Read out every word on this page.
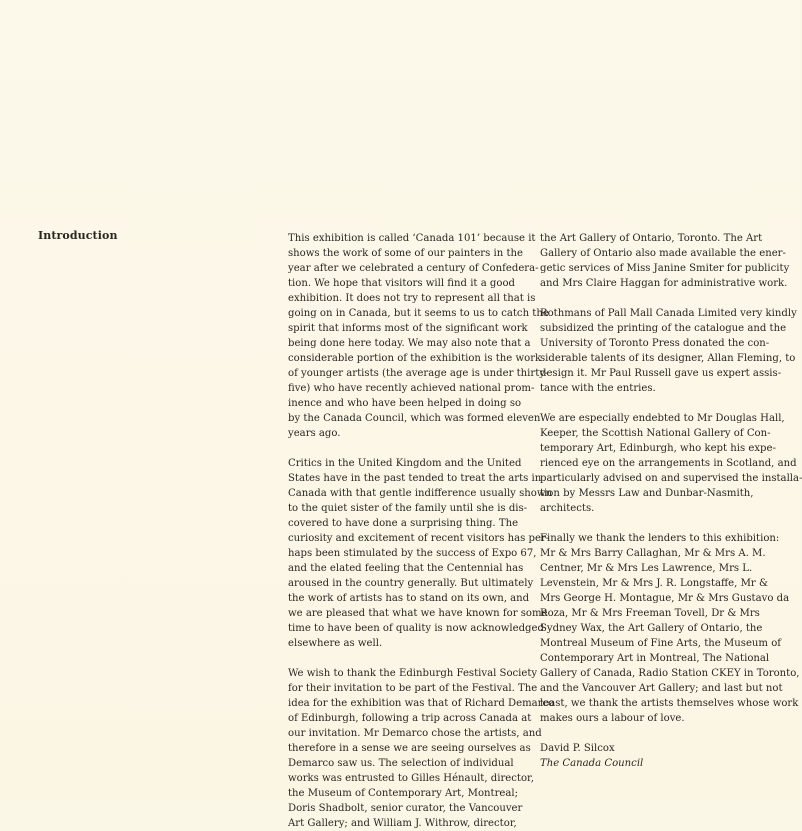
Introduction	This exhibition is called ‘Canada 101’ because it
shows the work of some of our painters in the
year after we celebrated a century of Confedera-
tion. We hope that visitors will find it a good
exhibition. It does not try to represent all that is
going on in Canada, but it seems to us to catch the
spirit that informs most of the significant work
being done here today. We may also note that a
considerable portion of the exhibition is the work
of younger artists (the average age is under thirty-
five) who have recently achieved national prom-
inence and who have been helped in doing so
by the Canada Council, which was formed eleven
years ago.
Critics in the United Kingdom and the United
States have in the past tended to treat the arts in
Canada with that gentle indifference usually shown
to the quiet sister of the family until she is dis-
covered to have done a surprising thing. The
curiosity and excitement of recent visitors has per-
haps been stimulated by the success of Expo 67,
and the elated feeling that the Centennial has
aroused in the country generally. But ultimately
the work of artists has to stand on its own, and
we are pleased that what we have known for some
time to have been of quality is now acknowledged
elsewhere as well.
We wish to thank the Edinburgh Festival Society
for their invitation to be part of the Festival. The
idea for the exhibition was that of Richard Demarco
of Edinburgh, following a trip across Canada at
our invitation. Mr Demarco chose the artists, and
therefore in a sense we are seeing ourselves as
Demarco saw us. The selection of individual
works was entrusted to Gilles Hénault, director,
the Museum of Contemporary Art, Montreal;
Doris Shadbolt, senior curator, the Vancouver
Art Gallery; and William J. Withrow, director,
the Art Gallery of Ontario, Toronto. The Art
Gallery of Ontario also made available the ener-
getic services of Miss Janine Smiter for publicity
and Mrs Claire Haggan for administrative work.
Rothmans of Pall Mall Canada Limited very kindly
subsidized the printing of the catalogue and the
University of Toronto Press donated the con-
siderable talents of its designer, Allan Fleming, to
design it. Mr Paul Russell gave us expert assis-
tance with the entries.
We are especially endebted to Mr Douglas Hall,
Keeper, the Scottish National Gallery of Con-
temporary Art, Edinburgh, who kept his expe-
rienced eye on the arrangements in Scotland, and
particularly advised on and supervised the installa-
tion by Messrs Law and Dunbar-Nasmith,
architects.
Finally we thank the lenders to this exhibition:
Mr & Mrs Barry Callaghan, Mr & Mrs A. M.
Centner, Mr & Mrs Les Lawrence, Mrs L.
Levenstein, Mr & Mrs J. R. Longstaffe, Mr &
Mrs George H. Montague, Mr & Mrs Gustavo da
Roza, Mr & Mrs Freeman Tovell, Dr & Mrs
Sydney Wax, the Art Gallery of Ontario, the
Montreal Museum of Fine Arts, the Museum of
Contemporary Art in Montreal, The National
Gallery of Canada, Radio Station CKEY in Toronto,
and the Vancouver Art Gallery; and last but not
least, we thank the artists themselves whose work
makes ours a labour of love.
David P. Silcox
The Canada Council
